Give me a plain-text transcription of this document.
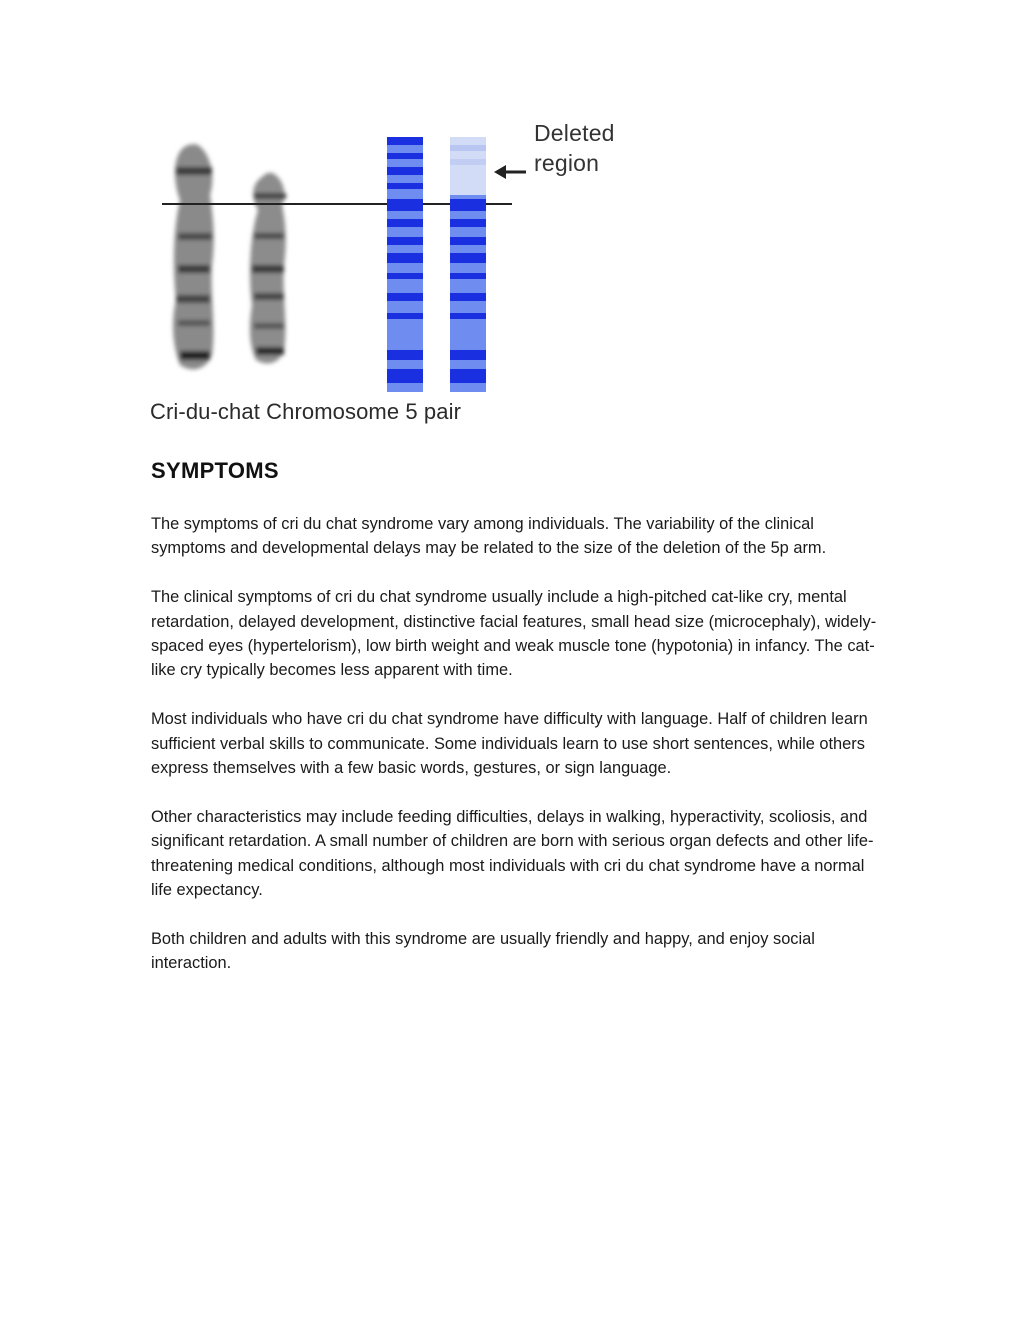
Deleted
region
Cri-du-chat Chromosome 5 pair
SYMPTOMS

The symptoms of cri du chat syndrome vary among individuals. The variability of the clinical symptoms and developmental delays may be related to the size of the deletion of the 5p arm.

The clinical symptoms of cri du chat syndrome usually include a high-pitched cat-like cry, mental retardation, delayed development, distinctive facial features, small head size (microcephaly), widely-spaced eyes (hypertelorism), low birth weight and weak muscle tone (hypotonia) in infancy. The cat-like cry typically becomes less apparent with time.

Most individuals who have cri du chat syndrome have difficulty with language. Half of children learn sufficient verbal skills to communicate. Some individuals learn to use short sentences, while others express themselves with a few basic words, gestures, or sign language.

Other characteristics may include feeding difficulties, delays in walking, hyperactivity, scoliosis, and significant retardation. A small number of children are born with serious organ defects and other life-threatening medical conditions, although most individuals with cri du chat syndrome have a normal life expectancy.

Both children and adults with this syndrome are usually friendly and happy, and enjoy social interaction.
